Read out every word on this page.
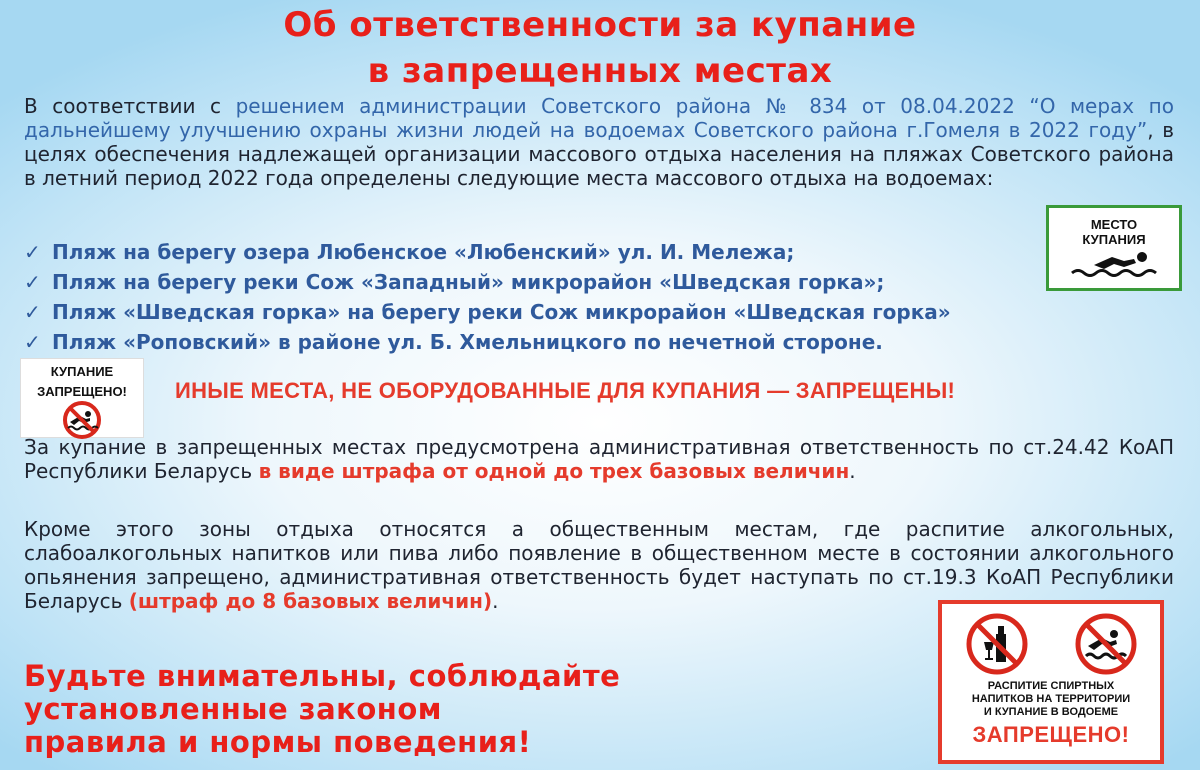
Об ответственности за купание
в запрещенных местах
В соответствии с решением администрации Советского района № 834 от 08.04.2022 “О мерах по дальнейшему улучшению охраны жизни людей на водоемах Советского района г.Гомеля в 2022 году”, в целях обеспечения надлежащей организации массового отдыха населения на пляжах Советского района в летний период 2022 года определены следующие места массового отдыха на водоемах:
✓ Пляж на берегу озера Любенское «Любенский» ул. И. Мележа;
✓ Пляж на берегу реки Сож «Западный» микрорайон «Шведская горка»;
✓ Пляж «Шведская горка» на берегу реки Сож микрорайон «Шведская горка»
✓ Пляж «Роповский» в районе ул. Б. Хмельницкого по нечетной стороне.
МЕСТО
КУПАНИЯ
КУПАНИЕ
ЗАПРЕЩЕНО!	ИНЫЕ МЕСТА, НЕ ОБОРУДОВАННЫЕ ДЛЯ КУПАНИЯ — ЗАПРЕЩЕНЫ!
За купание в запрещенных местах предусмотрена административная ответственность по ст.24.42 КоАП Республики Беларусь в виде штрафа от одной до трех базовых величин.
Кроме этого зоны отдыха относятся а общественным местам, где распитие алкогольных, слабоалкогольных напитков или пива либо появление в общественном месте в состоянии алкогольного опьянения запрещено, административная ответственность будет наступать по ст.19.3 КоАП Республики Беларусь (штраф до 8 базовых величин).
Будьте внимательны, соблюдайте
установленные законом
правила и нормы поведения!
РАСПИТИЕ СПИРТНЫХ
НАПИТКОВ НА ТЕРРИТОРИИ
И КУПАНИЕ В ВОДОЕМЕ
ЗАПРЕЩЕНО!
